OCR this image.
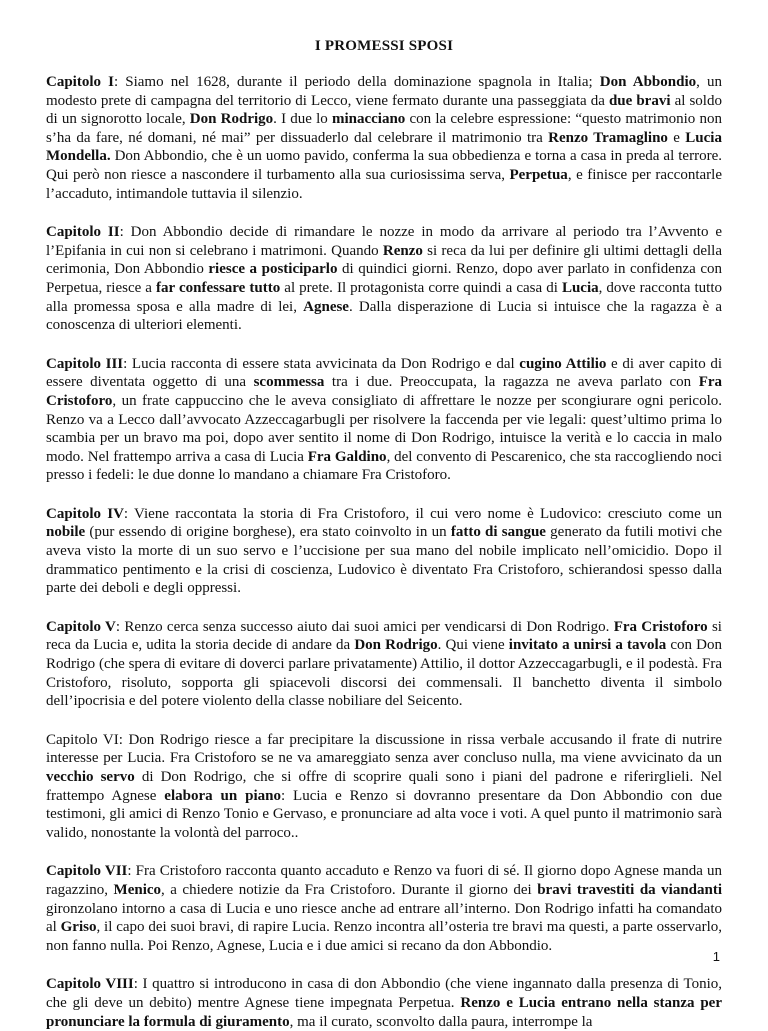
I PROMESSI SPOSI

Capitolo I: Siamo nel 1628, durante il periodo della dominazione spagnola in Italia; Don Abbondio, un modesto prete di campagna del territorio di Lecco, viene fermato durante una passeggiata da due bravi al soldo di un signorotto locale, Don Rodrigo. I due lo minacciano con la celebre espressione: “questo matrimonio non s’ha da fare, né domani, né mai” per dissuaderlo dal celebrare il matrimonio tra Renzo Tramaglino e Lucia Mondella. Don Abbondio, che è un uomo pavido, conferma la sua obbedienza e torna a casa in preda al terrore. Qui però non riesce a nascondere il turbamento alla sua curiosissima serva, Perpetua, e finisce per raccontarle l’accaduto, intimandole tuttavia il silenzio.

Capitolo II: Don Abbondio decide di rimandare le nozze in modo da arrivare al periodo tra l’Avvento e l’Epifania in cui non si celebrano i matrimoni. Quando Renzo si reca da lui per definire gli ultimi dettagli della cerimonia, Don Abbondio riesce a posticiparlo di quindici giorni. Renzo, dopo aver parlato in confidenza con Perpetua, riesce a far confessare tutto al prete. Il protagonista corre quindi a casa di Lucia, dove racconta tutto alla promessa sposa e alla madre di lei, Agnese. Dalla disperazione di Lucia si intuisce che la ragazza è a conoscenza di ulteriori elementi.

Capitolo III: Lucia racconta di essere stata avvicinata da Don Rodrigo e dal cugino Attilio e di aver capito di essere diventata oggetto di una scommessa tra i due. Preoccupata, la ragazza ne aveva parlato con Fra Cristoforo, un frate cappuccino che le aveva consigliato di affrettare le nozze per scongiurare ogni pericolo. Renzo va a Lecco dall’avvocato Azzeccagarbugli per risolvere la faccenda per vie legali: quest’ultimo prima lo scambia per un bravo ma poi, dopo aver sentito il nome di Don Rodrigo, intuisce la verità e lo caccia in malo modo. Nel frattempo arriva a casa di Lucia Fra Galdino, del convento di Pescarenico, che sta raccogliendo noci presso i fedeli: le due donne lo mandano a chiamare Fra Cristoforo.

Capitolo IV: Viene raccontata la storia di Fra Cristoforo, il cui vero nome è Ludovico: cresciuto come un nobile (pur essendo di origine borghese), era stato coinvolto in un fatto di sangue generato da futili motivi che aveva visto la morte di un suo servo e l’uccisione per sua mano del nobile implicato nell’omicidio. Dopo il drammatico pentimento e la crisi di coscienza, Ludovico è diventato Fra Cristoforo, schierandosi spesso dalla parte dei deboli e degli oppressi.

Capitolo V: Renzo cerca senza successo aiuto dai suoi amici per vendicarsi di Don Rodrigo. Fra Cristoforo si reca da Lucia e, udita la storia decide di andare da Don Rodrigo. Qui viene invitato a unirsi a tavola con Don Rodrigo (che spera di evitare di doverci parlare privatamente) Attilio, il dottor Azzeccagarbugli, e il podestà. Fra Cristoforo, risoluto, sopporta gli spiacevoli discorsi dei commensali. Il banchetto diventa il simbolo dell’ipocrisia e del potere violento della classe nobiliare del Seicento.

Capitolo VI: Don Rodrigo riesce a far precipitare la discussione in rissa verbale accusando il frate di nutrire interesse per Lucia. Fra Cristoforo se ne va amareggiato senza aver concluso nulla, ma viene avvicinato da un vecchio servo di Don Rodrigo, che si offre di scoprire quali sono i piani del padrone e riferirglieli. Nel frattempo Agnese elabora un piano: Lucia e Renzo si dovranno presentare da Don Abbondio con due testimoni, gli amici di Renzo Tonio e Gervaso, e pronunciare ad alta voce i voti. A quel punto il matrimonio sarà valido, nonostante la volontà del parroco..

Capitolo VII: Fra Cristoforo racconta quanto accaduto e Renzo va fuori di sé. Il giorno dopo Agnese manda un ragazzino, Menico, a chiedere notizie da Fra Cristoforo. Durante il giorno dei bravi travestiti da viandanti gironzolano intorno a casa di Lucia e uno riesce anche ad entrare all’interno. Don Rodrigo infatti ha comandato al Griso, il capo dei suoi bravi, di rapire Lucia. Renzo incontra all’osteria tre bravi ma questi, a parte osservarlo, non fanno nulla. Poi Renzo, Agnese, Lucia e i due amici si recano da don Abbondio.

Capitolo VIII: I quattro si introducono in casa di don Abbondio (che viene ingannato dalla presenza di Tonio, che gli deve un debito) mentre Agnese tiene impegnata Perpetua. Renzo e Lucia entrano nella stanza per pronunciare la formula di giuramento, ma il curato, sconvolto dalla paura, interrompe la

1
